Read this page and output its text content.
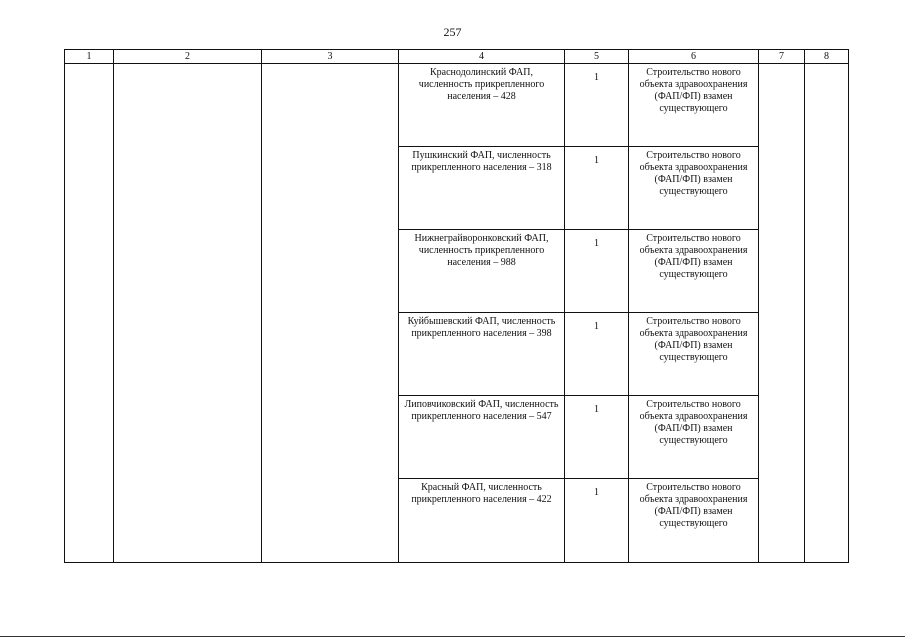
257
1	2	3	4	5	6	7	8

			Краснодолинский ФАП, численность прикрепленного населения – 428	1	Строительство нового объекта здравоохранения (ФАП/ФП) взамен существующего		

			Пушкинский ФАП, численность прикрепленного населения – 318	1	Строительство нового объекта здравоохранения (ФАП/ФП) взамен существующего		

			Нижнеграйворонковский ФАП, численность прикрепленного населения – 988	1	Строительство нового объекта здравоохранения (ФАП/ФП) взамен существующего		

			Куйбышевский ФАП, численность прикрепленного населения – 398	1	Строительство нового объекта здравоохранения (ФАП/ФП) взамен существующего		

			Липовчиковский ФАП, численность прикрепленного населения – 547	1	Строительство нового объекта здравоохранения (ФАП/ФП) взамен существующего		

			Красный ФАП, численность прикрепленного населения – 422	1	Строительство нового объекта здравоохранения (ФАП/ФП) взамен существующего		
